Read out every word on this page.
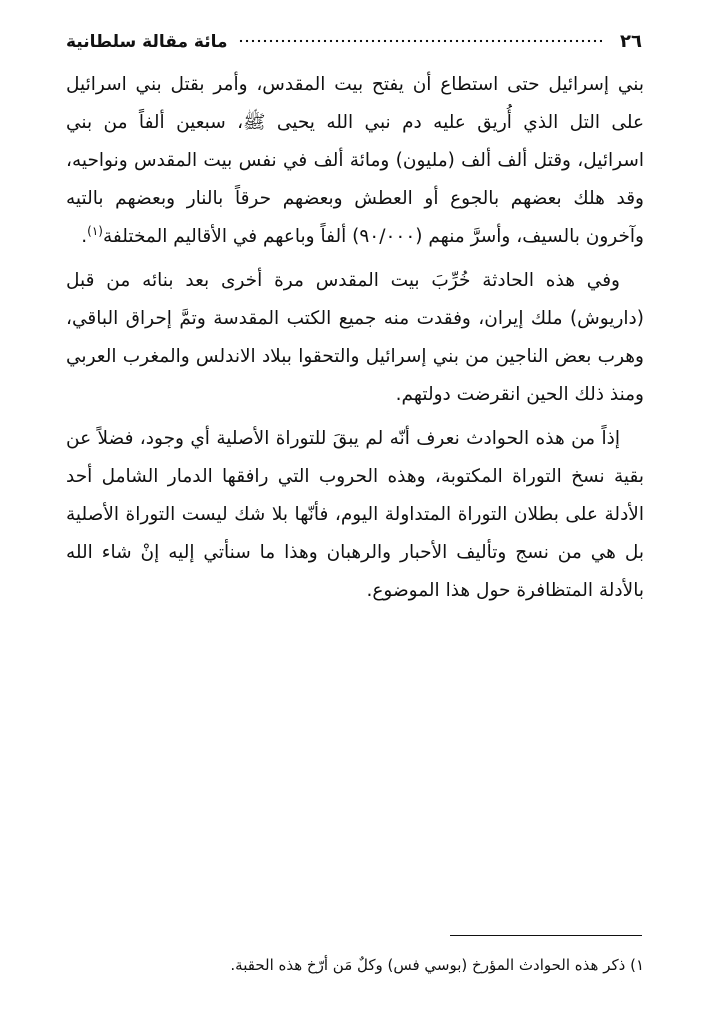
٢٦
مائة مقالة سلطانية

بني إسرائيل حتى استطاع أن يفتح بيت المقدس، وأمر بقتل بني اسرائيل على التل الذي أُريق عليه دم نبي الله يحيى ﷺ، سبعين ألفاً من بني اسرائيل، وقتل ألف ألف (مليون) ومائة ألف في نفس بيت المقدس ونواحيه، وقد هلك بعضهم بالجوع أو العطش وبعضهم حرقاً بالنار وبعضهم بالتيه وآخرون بالسيف، وأسرَّ منهم (٩٠/٠٠٠) ألفاً وباعهم في الأقاليم المختلفة$^{(١)}$.

وفي هذه الحادثة خُرِّبَ بيت المقدس مرة أخرى بعد بنائه من قبل (داريوش) ملك إيران، وفقدت منه جميع الكتب المقدسة وتمَّ إحراق الباقي، وهرب بعض الناجين من بني إسرائيل والتحقوا ببلاد الاندلس والمغرب العربي ومنذ ذلك الحين انقرضت دولتهم.

إذاً من هذه الحوادث نعرف أنّه لم يبقَ للتوراة الأصلية أي وجود، فضلاً عن بقية نسخ التوراة المكتوبة، وهذه الحروب التي رافقها الدمار الشامل أحد الأدلة على بطلان التوراة المتداولة اليوم، فأنّها بلا شك ليست التوراة الأصلية بل هي من نسج وتأليف الأحبار والرهبان وهذا ما سنأتي إليه إنْ شاء الله بالأدلة المتظافرة حول هذا الموضوع.

١) ذكر هذه الحوادث المؤرخ (بوسي فس) وكلٌ مَن أرّخ هذه الحقبة.
